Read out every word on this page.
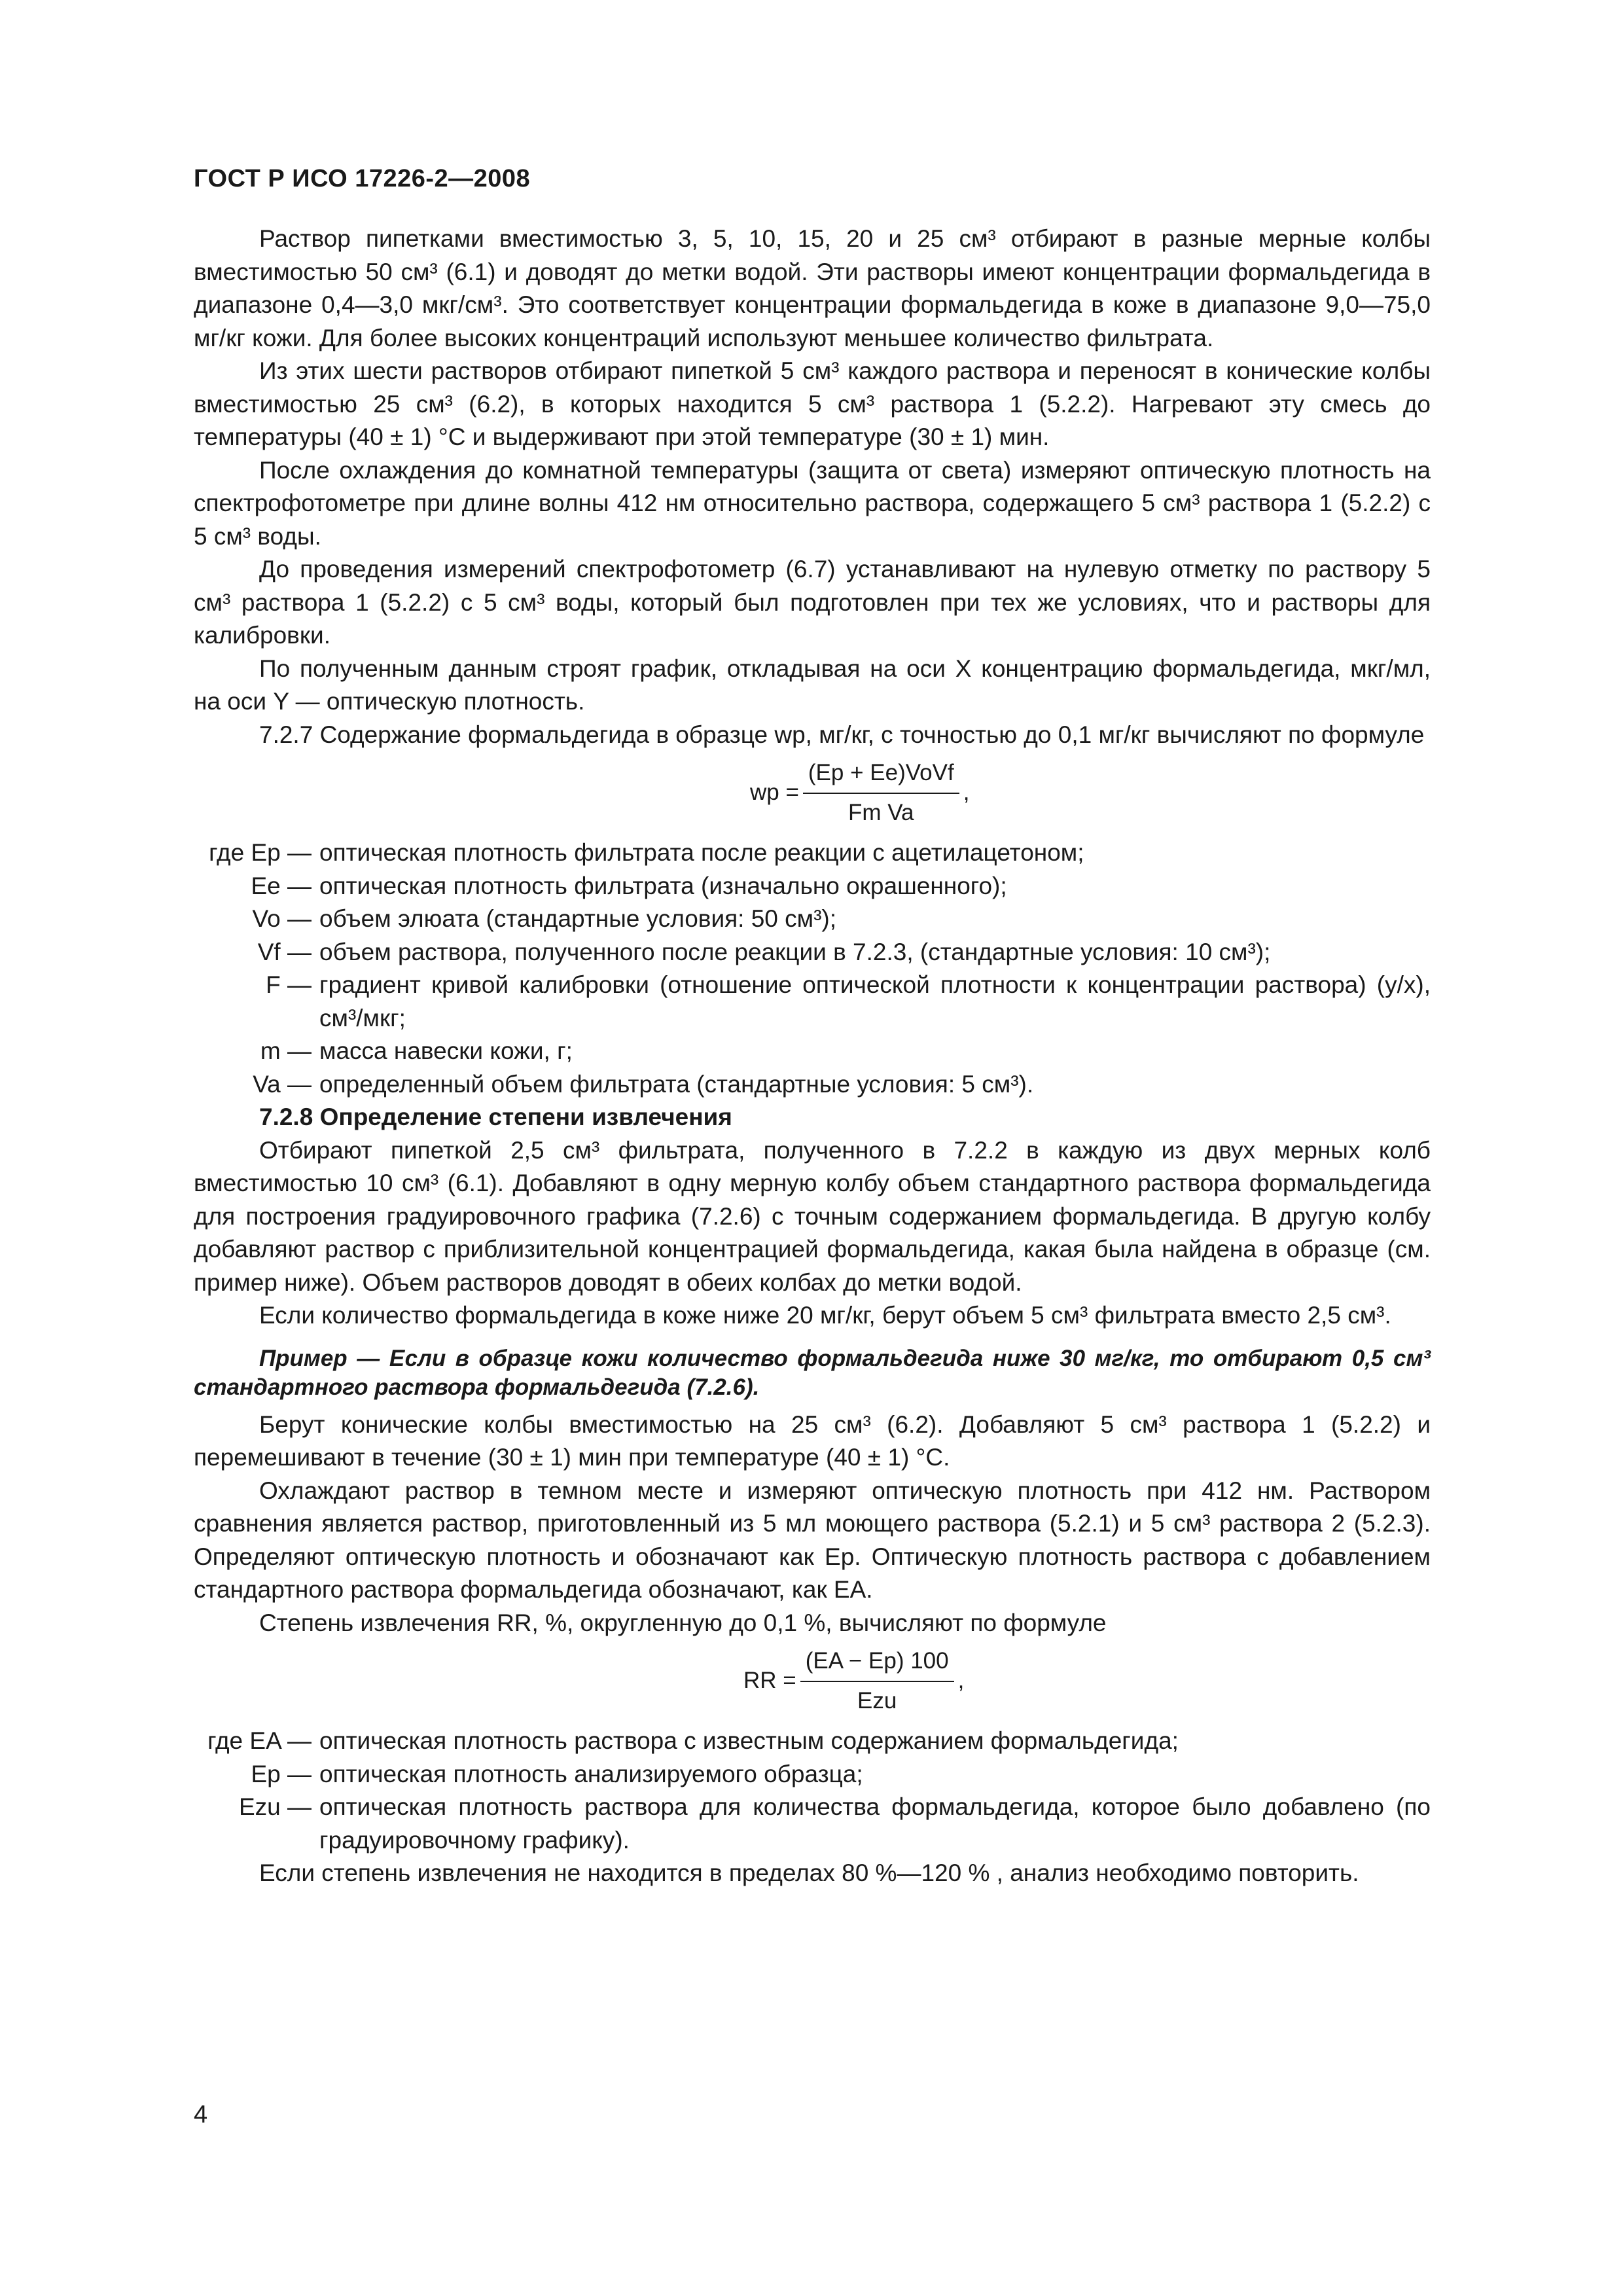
ГОСТ Р ИСО 17226-2—2008

Раствор пипетками вместимостью 3, 5, 10, 15, 20 и 25 см³ отбирают в разные мерные колбы вместимостью 50 см³ (6.1) и доводят до метки водой. Эти растворы имеют концентрации формальдегида в диапазоне 0,4—3,0 мкг/см³. Это соответствует концентрации формальдегида в коже в диапазоне 9,0—75,0 мг/кг кожи. Для более высоких концентраций используют меньшее количество фильтрата.

Из этих шести растворов отбирают пипеткой 5 см³ каждого раствора и переносят в конические колбы вместимостью 25 см³ (6.2), в которых находится 5 см³ раствора 1 (5.2.2). Нагревают эту смесь до температуры (40 ± 1) °С и выдерживают при этой температуре (30 ± 1) мин.

После охлаждения до комнатной температуры (защита от света) измеряют оптическую плотность на спектрофотометре при длине волны 412 нм относительно раствора, содержащего 5 см³ раствора 1 (5.2.2) с 5 см³ воды.

До проведения измерений спектрофотометр (6.7) устанавливают на нулевую отметку по раствору 5 см³ раствора 1 (5.2.2) с 5 см³ воды, который был подготовлен при тех же условиях, что и растворы для калибровки.

По полученным данным строят график, откладывая на оси X концентрацию формальдегида, мкг/мл, на оси Y — оптическую плотность.

7.2.7 Содержание формальдегида в образце wp, мг/кг, с точностью до 0,1 мг/кг вычисляют по формуле

wp = $\frac{\text{(Ep + Ee)VoVf}}{\text{Fm Va}}$ ,
где Ep — оптическая плотность фильтрата после реакции с ацетилацетоном;
Ee — оптическая плотность фильтрата (изначально окрашенного);
Vo — объем элюата (стандартные условия: 50 см³);
Vf — объем раствора, полученного после реакции в 7.2.3, (стандартные условия: 10 см³);
F — градиент кривой калибровки (отношение оптической плотности к концентрации раствора) (y/x), см³/мкг;
m — масса навески кожи, г;
Va — определенный объем фильтрата (стандартные условия: 5 см³).

7.2.8 Определение степени извлечения

Отбирают пипеткой 2,5 см³ фильтрата, полученного в 7.2.2 в каждую из двух мерных колб вместимостью 10 см³ (6.1). Добавляют в одну мерную колбу объем стандартного раствора формальдегида для построения градуировочного графика (7.2.6) с точным содержанием формальдегида. В другую колбу добавляют раствор с приблизительной концентрацией формальдегида, какая была найдена в образце (см. пример ниже). Объем растворов доводят в обеих колбах до метки водой.

Если количество формальдегида в коже ниже 20 мг/кг, берут объем 5 см³ фильтрата вместо 2,5 см³.

Пример — Если в образце кожи количество формальдегида ниже 30 мг/кг, то отбирают 0,5 см³ стандартного раствора формальдегида (7.2.6).

Берут конические колбы вместимостью на 25 см³ (6.2). Добавляют 5 см³ раствора 1 (5.2.2) и перемешивают в течение (30 ± 1) мин при температуре (40 ± 1) °С.

Охлаждают раствор в темном месте и измеряют оптическую плотность при 412 нм. Раствором сравнения является раствор, приготовленный из 5 мл моющего раствора (5.2.1) и 5 см³ раствора 2 (5.2.3). Определяют оптическую плотность и обозначают как Ep. Оптическую плотность раствора с добавлением стандартного раствора формальдегида обозначают, как EA.

Степень извлечения RR, %, округленную до 0,1 %, вычисляют по формуле

RR = $\frac{(EA - Ep) 100}{\text{Ezu}}$ ,
где EA — оптическая плотность раствора с известным содержанием формальдегида;
Ep — оптическая плотность анализируемого образца;
Ezu — оптическая плотность раствора для количества формальдегида, которое было добавлено (по градуировочному графику).

Если степень извлечения не находится в пределах 80 %—120 % , анализ необходимо повторить.

4
